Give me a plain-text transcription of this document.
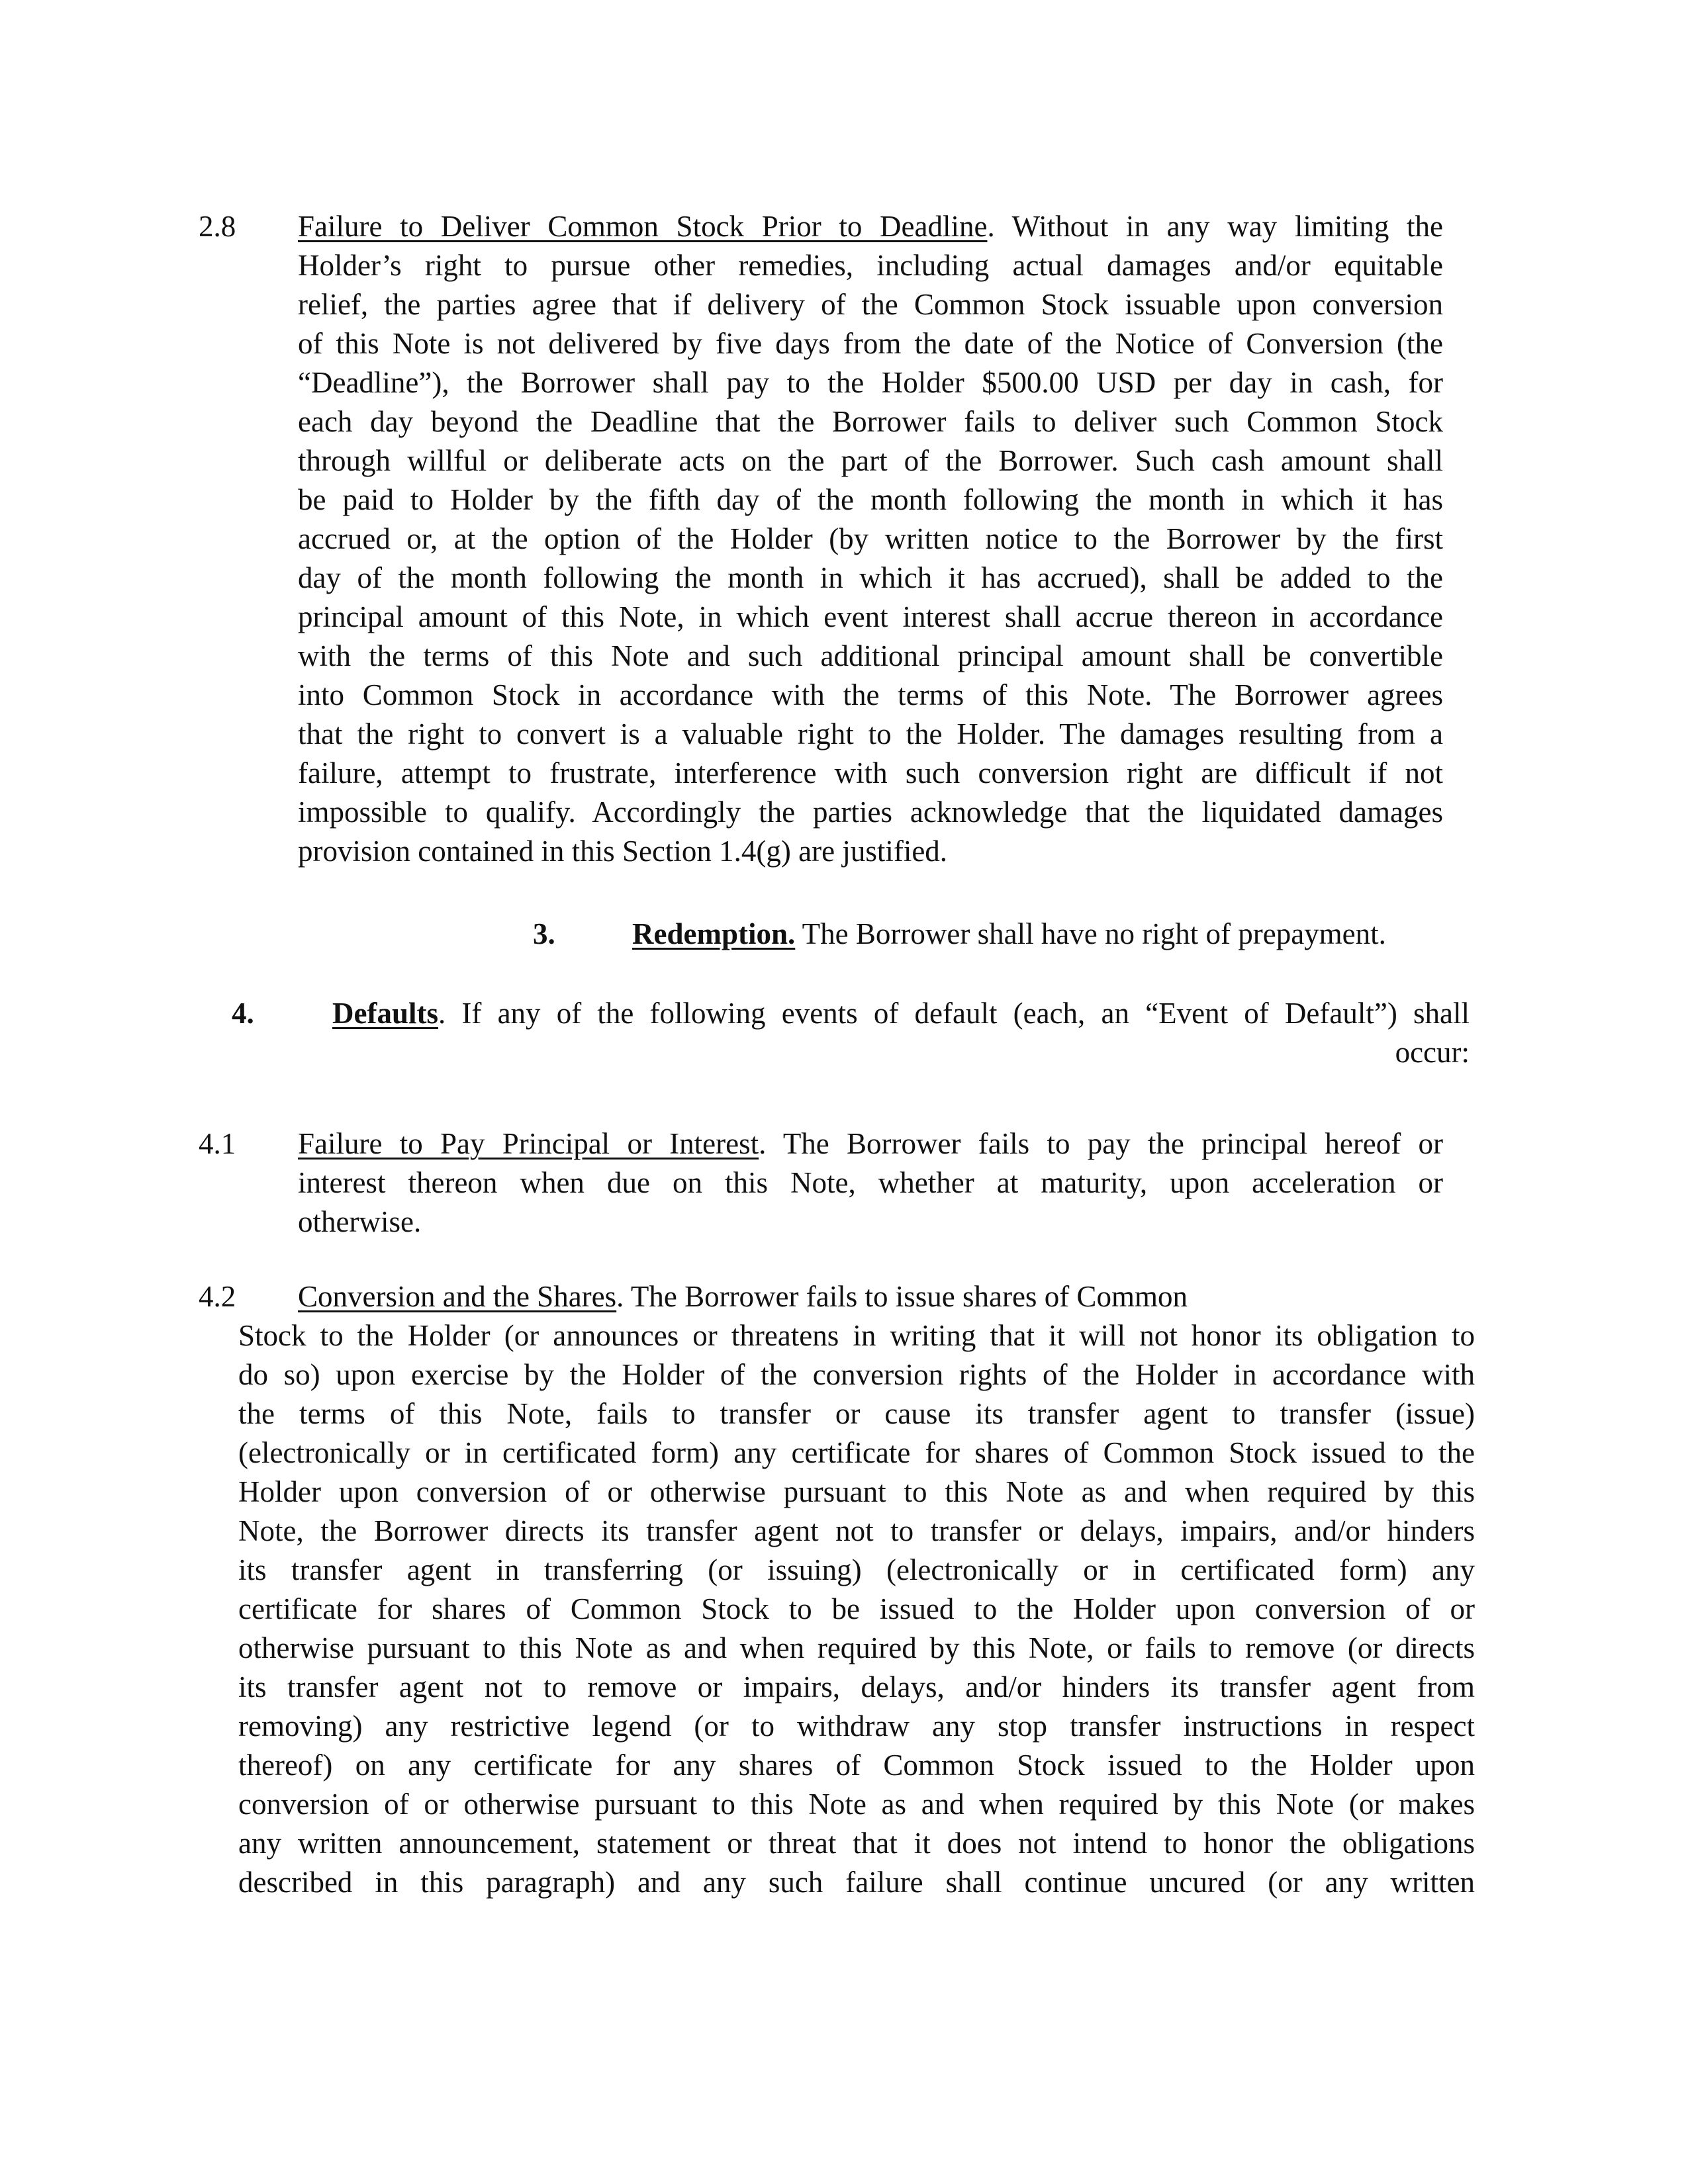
2.8 Failure to Deliver Common Stock Prior to Deadline. Without in any way limiting the
Holder’s right to pursue other remedies, including actual damages and/or equitable
relief, the parties agree that if delivery of the Common Stock issuable upon conversion
of this Note is not delivered by five days from the date of the Notice of Conversion (the
“Deadline”), the Borrower shall pay to the Holder $500.00 USD per day in cash, for
each day beyond the Deadline that the Borrower fails to deliver such Common Stock
through willful or deliberate acts on the part of the Borrower. Such cash amount shall
be paid to Holder by the fifth day of the month following the month in which it has
accrued or, at the option of the Holder (by written notice to the Borrower by the first
day of the month following the month in which it has accrued), shall be added to the
principal amount of this Note, in which event interest shall accrue thereon in accordance
with the terms of this Note and such additional principal amount shall be convertible
into Common Stock in accordance with the terms of this Note. The Borrower agrees
that the right to convert is a valuable right to the Holder. The damages resulting from a
failure, attempt to frustrate, interference with such conversion right are difficult if not
impossible to qualify. Accordingly the parties acknowledge that the liquidated damages
provision contained in this Section 1.4(g) are justified.
3.	Redemption. The Borrower shall have no right of prepayment.
4.	Defaults. If any of the following events of default (each, an “Event of Default”) shall
occur:
4.1 Failure to Pay Principal or Interest. The Borrower fails to pay the principal hereof or
interest thereon when due on this Note, whether at maturity, upon acceleration or
otherwise.
4.2 Conversion and the Shares. The Borrower fails to issue shares of Common
Stock to the Holder (or announces or threatens in writing that it will not honor its obligation to
do so) upon exercise by the Holder of the conversion rights of the Holder in accordance with
the terms of this Note, fails to transfer or cause its transfer agent to transfer (issue)
(electronically or in certificated form) any certificate for shares of Common Stock issued to the
Holder upon conversion of or otherwise pursuant to this Note as and when required by this
Note, the Borrower directs its transfer agent not to transfer or delays, impairs, and/or hinders
its transfer agent in transferring (or issuing) (electronically or in certificated form) any
certificate for shares of Common Stock to be issued to the Holder upon conversion of or
otherwise pursuant to this Note as and when required by this Note, or fails to remove (or directs
its transfer agent not to remove or impairs, delays, and/or hinders its transfer agent from
removing) any restrictive legend (or to withdraw any stop transfer instructions in respect
thereof) on any certificate for any shares of Common Stock issued to the Holder upon
conversion of or otherwise pursuant to this Note as and when required by this Note (or makes
any written announcement, statement or threat that it does not intend to honor the obligations
described in this paragraph) and any such failure shall continue uncured (or any written
